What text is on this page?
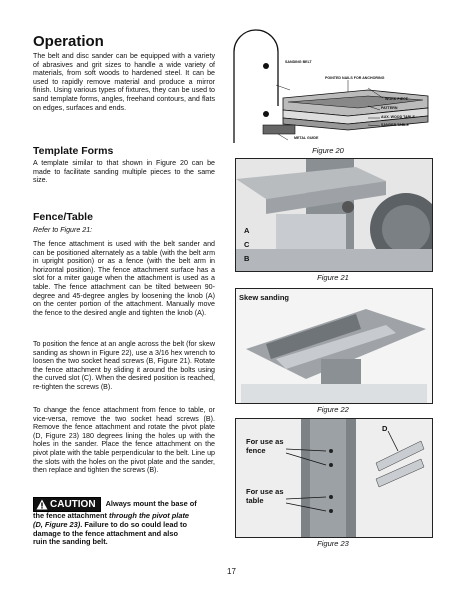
Operation
The belt and disc sander can be equipped with a variety of abrasives and grit sizes to handle a wide variety of materials, from soft woods to hardened steel. It can be used to rapidly remove material and produce a mirror finish. Using various types of fixtures, they can be used to sand template forms, angles, freehand contours, and flats on edges, surfaces and ends.
Template Forms
A template similar to that shown in Figure 20 can be made to facilitate sanding multiple pieces to the same size.
Fence/Table
Refer to Figure 21:
The fence attachment is used with the belt sander and can be positioned alternately as a table (with the belt arm in upright position) or as a fence (with the belt arm in horizontal position). The fence attachment surface has a slot for a miter gauge when the attachment is used as a table. The fence attachment can be tilted between 90-degree and 45-degree angles by loosening the knob (A) on the center portion of the attachment. Manually move the fence to the desired angle and tighten the knob (A).
To position the fence at an angle across the belt (for skew sanding as shown in Figure 22), use a 3/16 hex wrench to loosen the two socket head screws (B, Figure 21). Rotate the fence attachment by sliding it around the bolts using the curved slot (C). When the desired position is reached, re-tighten the screws (B).
To change the fence attachment from fence to table, or vice-versa, remove the two socket head screws (B). Remove the fence attachment and rotate the pivot plate (D, Figure 23) 180 degrees lining the holes up with the holes in the sander. Place the fence attachment on the pivot plate with the table perpendicular to the belt. Line up the slots with the holes on the pivot plate and the sander, then replace and tighten the screws (B).
CAUTION Always mount the base of
the fence attachment through the pivot plate
(D, Figure 23). Failure to do so could lead to
damage to the fence attachment and also
ruin the sanding belt.
SANDING BELT
POINTED NAILS FOR ANCHORING
WORK PIECE
PATTERN
AUX. WOOD TABLE
SANDER TABLE
METAL GUIDE
Figure 20
A
C
B
Figure 21
Skew sanding
Figure 22
For use as fence
For use as table
D
Figure 23
17
